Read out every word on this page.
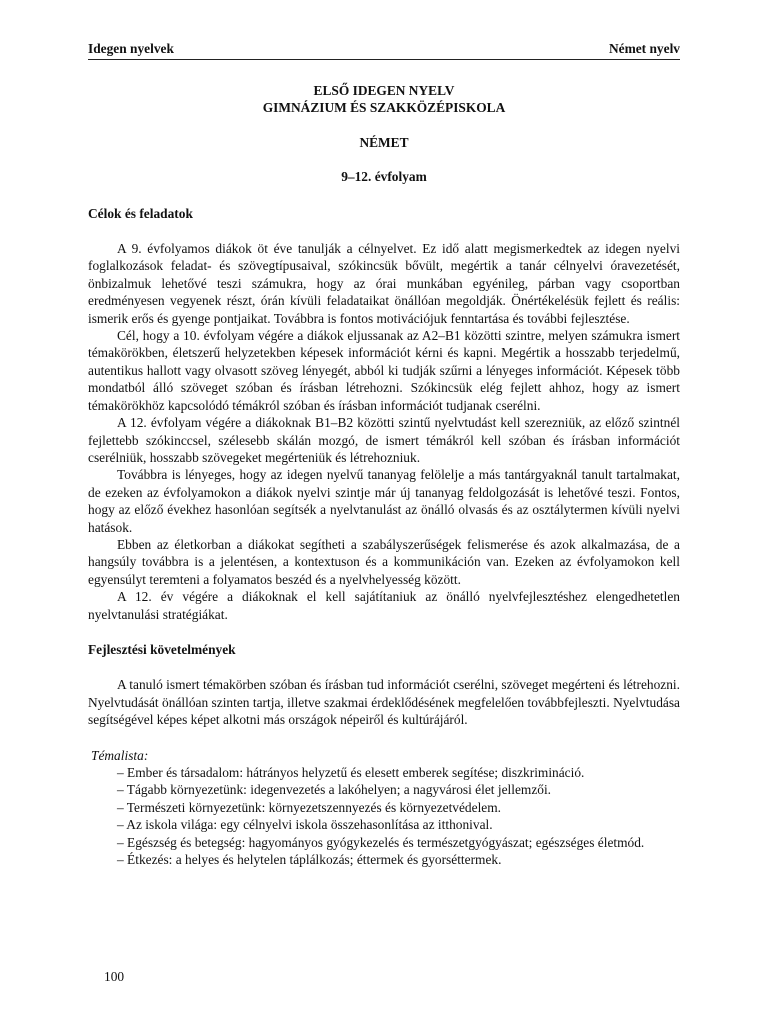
Idegen nyelvek	Német nyelv
ELSŐ IDEGEN NYELV
GIMNÁZIUM ÉS SZAKKÖZÉPISKOLA
NÉMET
9–12. évfolyam
Célok és feladatok

A 9. évfolyamos diákok öt éve tanulják a célnyelvet. Ez idő alatt megismerkedtek az idegen nyelvi foglalkozások feladat- és szövegtípusaival, szókincsük bővült, megértik a tanár célnyelvi óravezetését, önbizalmuk lehetővé teszi számukra, hogy az órai munkában egyénileg, párban vagy csoportban eredményesen vegyenek részt, órán kívüli feladataikat önállóan megoldják. Önértékelésük fejlett és reális: ismerik erős és gyenge pontjaikat. Továbbra is fontos motivációjuk fenntartása és további fejlesztése.

Cél, hogy a 10. évfolyam végére a diákok eljussanak az A2–B1 közötti szintre, melyen számukra ismert témakörökben, életszerű helyzetekben képesek információt kérni és kapni. Megértik a hosszabb terjedelmű, autentikus hallott vagy olvasott szöveg lényegét, abból ki tudják szűrni a lényeges információt. Képesek több mondatból álló szöveget szóban és írásban létrehozni. Szókincsük elég fejlett ahhoz, hogy az ismert témakörökhöz kapcsolódó témákról szóban és írásban információt tudjanak cserélni.

A 12. évfolyam végére a diákoknak B1–B2 közötti szintű nyelvtudást kell szerezniük, az előző szintnél fejlettebb szókinccsel, szélesebb skálán mozgó, de ismert témákról kell szóban és írásban információt cserélniük, hosszabb szövegeket megérteniük és létrehozniuk.

Továbbra is lényeges, hogy az idegen nyelvű tananyag felölelje a más tantárgyaknál tanult tartalmakat, de ezeken az évfolyamokon a diákok nyelvi szintje már új tananyag feldolgozását is lehetővé teszi. Fontos, hogy az előző évekhez hasonlóan segítsék a nyelvtanulást az önálló olvasás és az osztálytermen kívüli nyelvi hatások.

Ebben az életkorban a diákokat segítheti a szabályszerűségek felismerése és azok alkalmazása, de a hangsúly továbbra is a jelentésen, a kontextuson és a kommunikáción van. Ezeken az évfolyamokon kell egyensúlyt teremteni a folyamatos beszéd és a nyelvhelyesség között.

A 12. év végére a diákoknak el kell sajátítaniuk az önálló nyelvfejlesztéshez elengedhetetlen nyelvtanulási stratégiákat.

Fejlesztési követelmények

A tanuló ismert témakörben szóban és írásban tud információt cserélni, szöveget megérteni és létrehozni. Nyelvtudását önállóan szinten tartja, illetve szakmai érdeklődésének megfelelően továbbfejleszti. Nyelvtudása segítségével képes képet alkotni más országok népeiről és kultúrájáról.

Témalista:
– Ember és társadalom: hátrányos helyzetű és elesett emberek segítése; diszkrimináció.
– Tágabb környezetünk: idegenvezetés a lakóhelyen; a nagyvárosi élet jellemzői.
– Természeti környezetünk: környezetszennyezés és környezetvédelem.
– Az iskola világa: egy célnyelvi iskola összehasonlítása az itthonival.
– Egészség és betegség: hagyományos gyógykezelés és természetgyógyászat; egészséges életmód.
– Étkezés: a helyes és helytelen táplálkozás; éttermek és gyorséttermek.
100
